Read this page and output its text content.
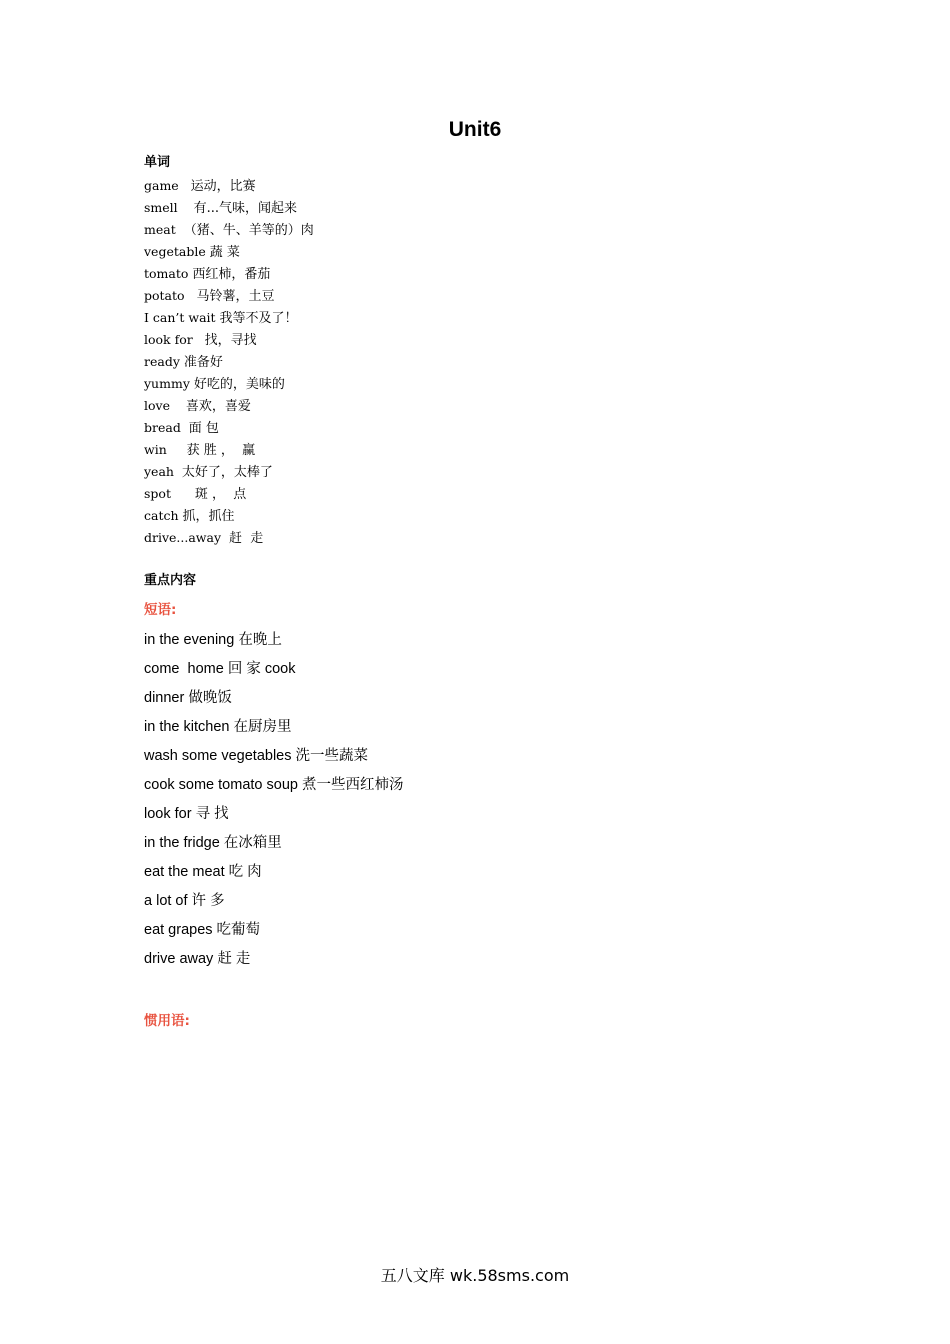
Unit6
单词
game 运动，比赛
smell 有...气味，闻起来
meat （猪、牛、羊等的）肉
vegetable 蔬 菜
tomato 西红柿，番茄
potato 马铃薯，土豆
I can’t wait 我等不及了！
look for 找，寻找
ready 准备好
yummy 好吃的，美味的
love 喜欢，喜爱
bread 面 包
win 获 胜 ，  赢
yeah 太好了，太棒了
spot 斑 ，  点
catch 抓，抓住
drive...away 赶  走
重点内容
短语:
in the evening 在晚上
come  home 回 家 cook
dinner 做晚饭
in the kitchen 在厨房里
wash some vegetables 洗一些蔬菜
cook some tomato soup 煮一些西红柿汤
look for 寻 找
in the fridge 在冰箱里
eat the meat 吃 肉
a lot of 许 多
eat grapes 吃葡萄
drive away 赶 走
惯用语:
五八文库 wk.58sms.com
